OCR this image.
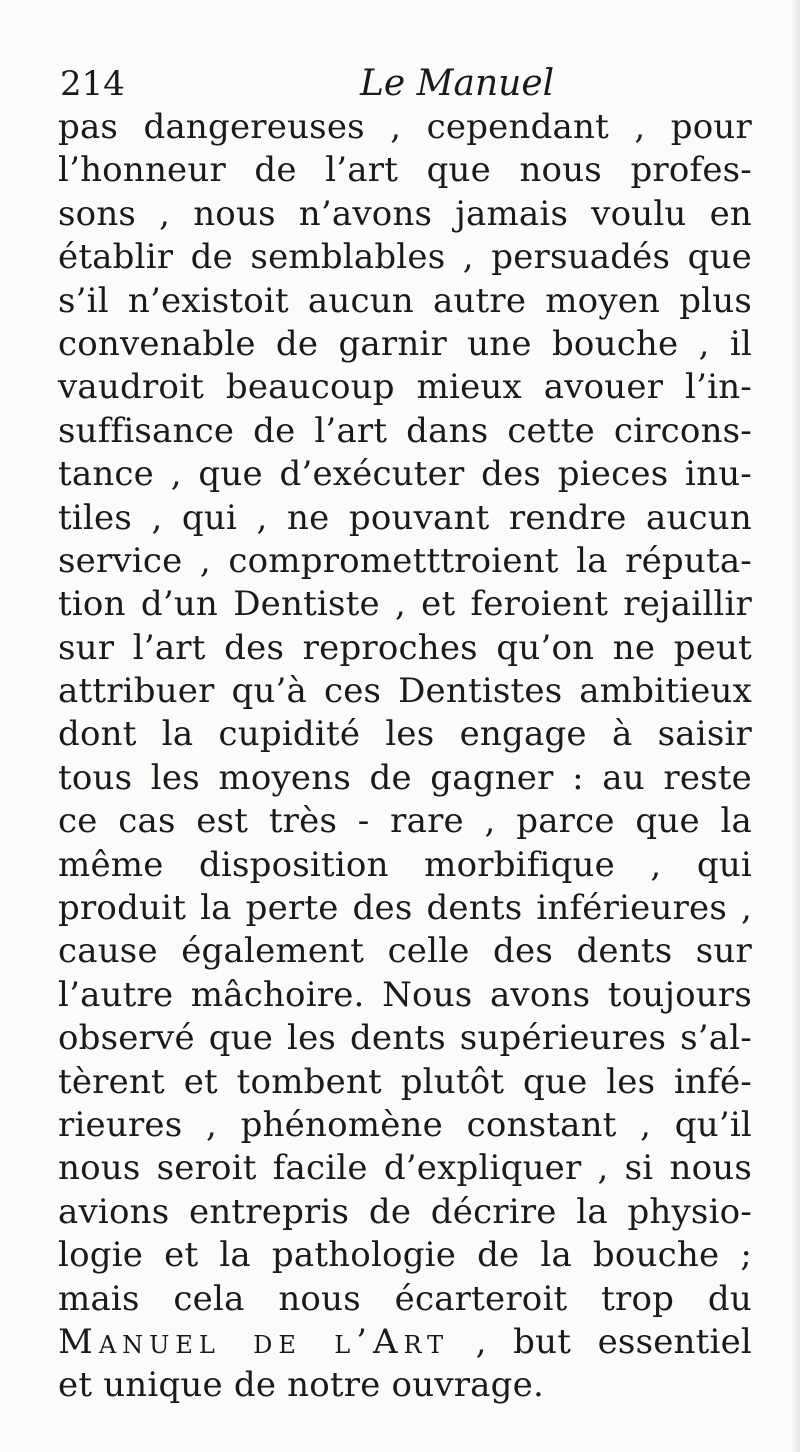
214	Le Manuel
pas dangereuses , cependant , pour
l’honneur de l’art que nous profes-
sons , nous n’avons jamais voulu en
établir de semblables , persuadés que
s’il n’existoit aucun autre moyen plus
convenable de garnir une bouche , il
vaudroit beaucoup mieux avouer l’in-
suffisance de l’art dans cette circons-
tance , que d’exécuter des pieces inu-
tiles , qui , ne pouvant rendre aucun
service , comprometttroient la réputa-
tion d’un Dentiste , et feroient rejaillir
sur l’art des reproches qu’on ne peut
attribuer qu’à ces Dentistes ambitieux
dont la cupidité les engage à saisir
tous les moyens de gagner : au reste
ce cas est très - rare , parce que la
même disposition morbifique , qui
produit la perte des dents inférieures ,
cause également celle des dents sur
l’autre mâchoire. Nous avons toujours
observé que les dents supérieures s’al-
tèrent et tombent plutôt que les infé-
rieures , phénomène constant , qu’il
nous seroit facile d’expliquer , si nous
avions entrepris de décrire la physio-
logie et la pathologie de la bouche ;
mais cela nous écarteroit trop du
Manuel de l’Art , but essentiel
et unique de notre ouvrage.
